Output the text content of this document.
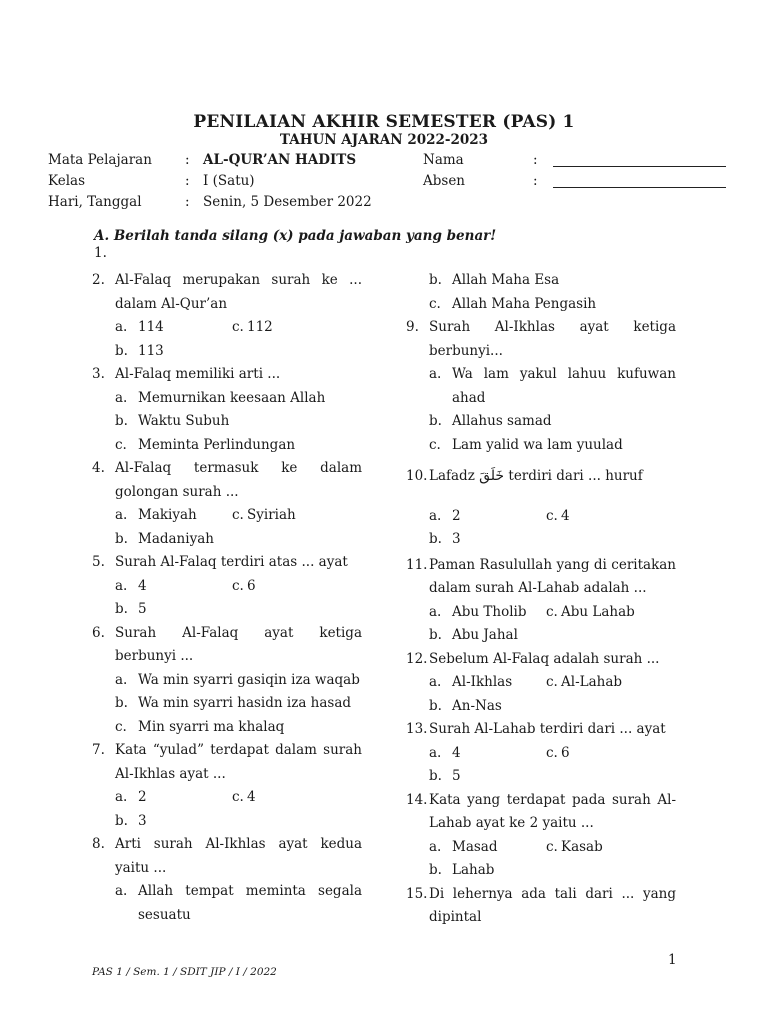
PENILAIAN AKHIR SEMESTER (PAS) 1
TAHUN AJARAN 2022-2023
Mata Pelajaran : AL-QUR’AN HADITS	Nama	:
Kelas	: I (Satu)	Absen	:
Hari, Tanggal	: Senin, 5 Desember 2022
A. Berilah tanda silang (x) pada jawaban yang benar!
1.
2. Al-Falaq merupakan surah ke ... dalam Al-Qur’an
a. 114	c. 112
b. 113
3. Al-Falaq memiliki arti ...
a. Memurnikan keesaan Allah
b. Waktu Subuh
c. Meminta Perlindungan
4. Al-Falaq termasuk ke dalam golongan surah ...
a. Makiyah	c. Syiriah
b. Madaniyah
5. Surah Al-Falaq terdiri atas ... ayat
a. 4	c. 6
b. 5
6. Surah Al-Falaq ayat ketiga berbunyi ...
a. Wa min syarri gasiqin iza waqab
b. Wa min syarri hasidn iza hasad
c. Min syarri ma khalaq
7. Kata “yulad” terdapat dalam surah Al-Ikhlas ayat ...
a. 2	c. 4
b. 3
8. Arti surah Al-Ikhlas ayat kedua yaitu ...
a. Allah tempat meminta segala sesuatu
b. Allah Maha Esa
c. Allah Maha Pengasih
9. Surah Al-Ikhlas ayat ketiga berbunyi...
a. Wa lam yakul lahuu kufuwan ahad
b. Allahus samad
c. Lam yalid wa lam yuulad
10. Lafadz خَلَقَ terdiri dari ... huruf
a. 2	c. 4
b. 3
11. Paman Rasulullah yang di ceritakan dalam surah Al-Lahab adalah ...
a. Abu Tholib c. Abu Lahab
b. Abu Jahal
12. Sebelum Al-Falaq adalah surah ...
a. Al-Ikhlas	c. Al-Lahab
b. An-Nas
13. Surah Al-Lahab terdiri dari ... ayat
a. 4	c. 6
b. 5
14. Kata yang terdapat pada surah Al-Lahab ayat ke 2 yaitu ...
a. Masad	c. Kasab
b. Lahab
15. Di lehernya ada tali dari ... yang dipintal
1
PAS 1 / Sem. 1 / SDIT JIP / I / 2022
